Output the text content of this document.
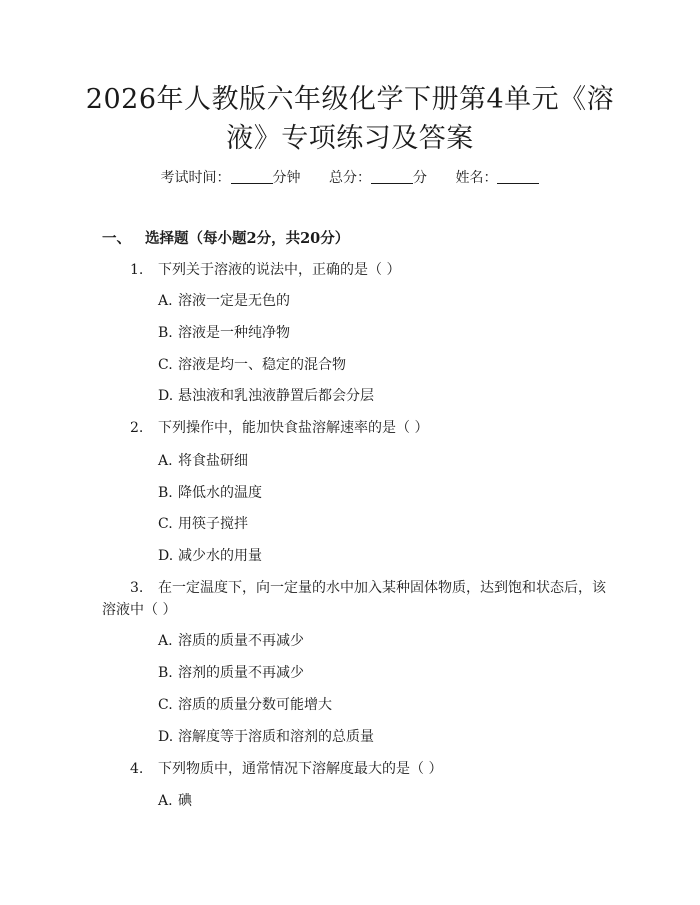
2026年人教版六年级化学下册第4单元《溶
液》专项练习及答案
考试时间：	分钟 总分：	分 姓名：
一、 选择题（每小题2分，共20分）
1. 下列关于溶液的说法中，正确的是（ ）
A. 溶液一定是无色的
B. 溶液是一种纯净物
C. 溶液是均一、稳定的混合物
D. 悬浊液和乳浊液静置后都会分层
2. 下列操作中，能加快食盐溶解速率的是（ ）
A. 将食盐研细
B. 降低水的温度
C. 用筷子搅拌
D. 减少水的用量
3. 在一定温度下，向一定量的水中加入某种固体物质，达到饱和状态后，该
溶液中（ ）
A. 溶质的质量不再减少
B. 溶剂的质量不再减少
C. 溶质的质量分数可能增大
D. 溶解度等于溶质和溶剂的总质量
4. 下列物质中，通常情况下溶解度最大的是（ ）
A. 碘
